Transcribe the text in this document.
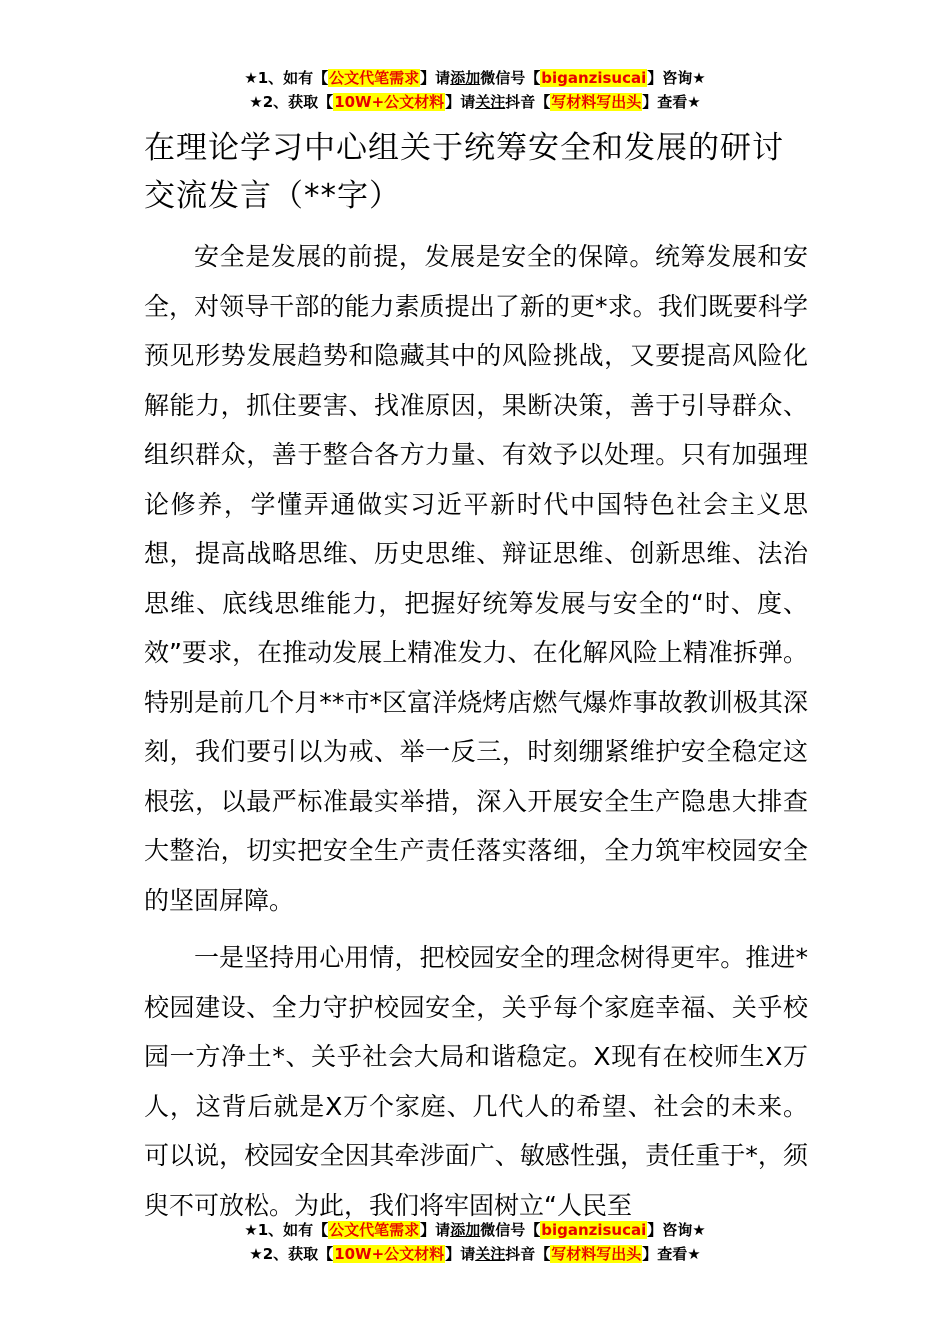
★1、如有【公文代笔需求】请添加微信号【biganzisucai】咨询★
★2、获取【10W+公文材料】请关注抖音【写材料写出头】查看★
在理论学习中心组关于统筹安全和发展的研讨交流发言（**字）

安全是发展的前提，发展是安全的保障。统筹发展和安全，对领导干部的能力素质提出了新的更*求。我们既要科学预见形势发展趋势和隐藏其中的风险挑战，又要提高风险化解能力，抓住要害、找准原因，果断决策，善于引导群众、组织群众，善于整合各方力量、有效予以处理。只有加强理论修养，学懂弄通做实习近平新时代中国特色社会主义思想，提高战略思维、历史思维、辩证思维、创新思维、法治思维、底线思维能力，把握好统筹发展与安全的“时、度、效”要求，在推动发展上精准发力、在化解风险上精准拆弹。特别是前几个月**市*区富洋烧烤店燃气爆炸事故教训极其深刻，我们要引以为戒、举一反三，时刻绷紧维护安全稳定这根弦，以最严标准最实举措，深入开展安全生产隐患大排查大整治，切实把安全生产责任落实落细，全力筑牢校园安全的坚固屏障。

一是坚持用心用情，把校园安全的理念树得更牢。推进*校园建设、全力守护校园安全，关乎每个家庭幸福、关乎校园一方净土*、关乎社会大局和谐稳定。X现有在校师生X万人，这背后就是X万个家庭、几代人的希望、社会的未来。可以说，校园安全因其牵涉面广、敏感性强，责任重于*，须臾不可放松。为此，我们将牢固树立“人民至

★1、如有【公文代笔需求】请添加微信号【biganzisucai】咨询★
★2、获取【10W+公文材料】请关注抖音【写材料写出头】查看★
